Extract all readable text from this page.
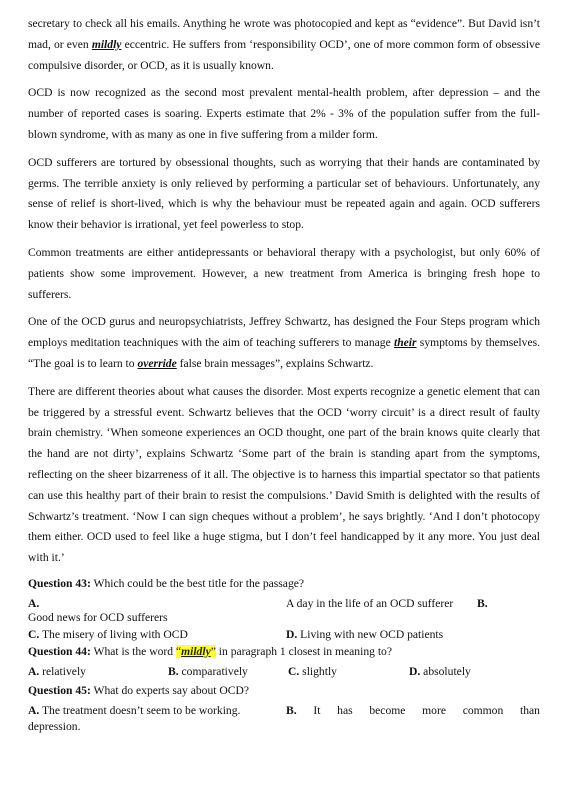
secretary to check all his emails. Anything he wrote was photocopied and kept as “evidence”. But David isn’t mad, or even mildly eccentric. He suffers from ‘responsibility OCD’, one of more common form of obsessive compulsive disorder, or OCD, as it is usually known.

OCD is now recognized as the second most prevalent mental-health problem, after depression – and the number of reported cases is soaring. Experts estimate that 2% - 3% of the population suffer from the full-blown syndrome, with as many as one in five suffering from a milder form.

OCD sufferers are tortured by obsessional thoughts, such as worrying that their hands are contaminated by germs. The terrible anxiety is only relieved by performing a particular set of behaviours. Unfortunately, any sense of relief is short-lived, which is why the behaviour must be repeated again and again. OCD sufferers know their behavior is irrational, yet feel powerless to stop.

Common treatments are either antidepressants or behavioral therapy with a psychologist, but only 60% of patients show some improvement. However, a new treatment from America is bringing fresh hope to sufferers.

One of the OCD gurus and neuropsychiatrists, Jeffrey Schwartz, has designed the Four Steps program which employs meditation teachniques with the aim of teaching sufferers to manage their symptoms by themselves. “The goal is to learn to override false brain messages”, explains Schwartz.

There are different theories about what causes the disorder. Most experts recognize a genetic element that can be triggered by a stressful event. Schwartz believes that the OCD ‘worry circuit’ is a direct result of faulty brain chemistry. ‘When someone experiences an OCD thought, one part of the brain knows quite clearly that the hand are not dirty’, explains Schwartz ‘Some part of the brain is standing apart from the symptoms, reflecting on the sheer bizarreness of it all. The objective is to harness this impartial spectator so that patients can use this healthy part of their brain to resist the compulsions.’ David Smith is delighted with the results of Schwartz’s treatment. ‘Now I can sign cheques without a problem’, he says brightly. ‘And I don’t photocopy them either. OCD used to feel like a huge stigma, but I don’t feel handicapped by it any more. You just deal with it.’

Question 43: Which could be the best title for the passage?

A.	A day in the life of an OCD sufferer B.

Good news for OCD sufferers

C. The misery of living with OCD	D. Living with new OCD patients

Question 44: What is the word “mildly” in paragraph 1 closest in meaning to?

A. relatively	B. comparatively	C. slightly	D. absolutely

Question 45: What do experts say about OCD?

A. The treatment doesn’t seem to be working.	B. It has become more common than

depression.
